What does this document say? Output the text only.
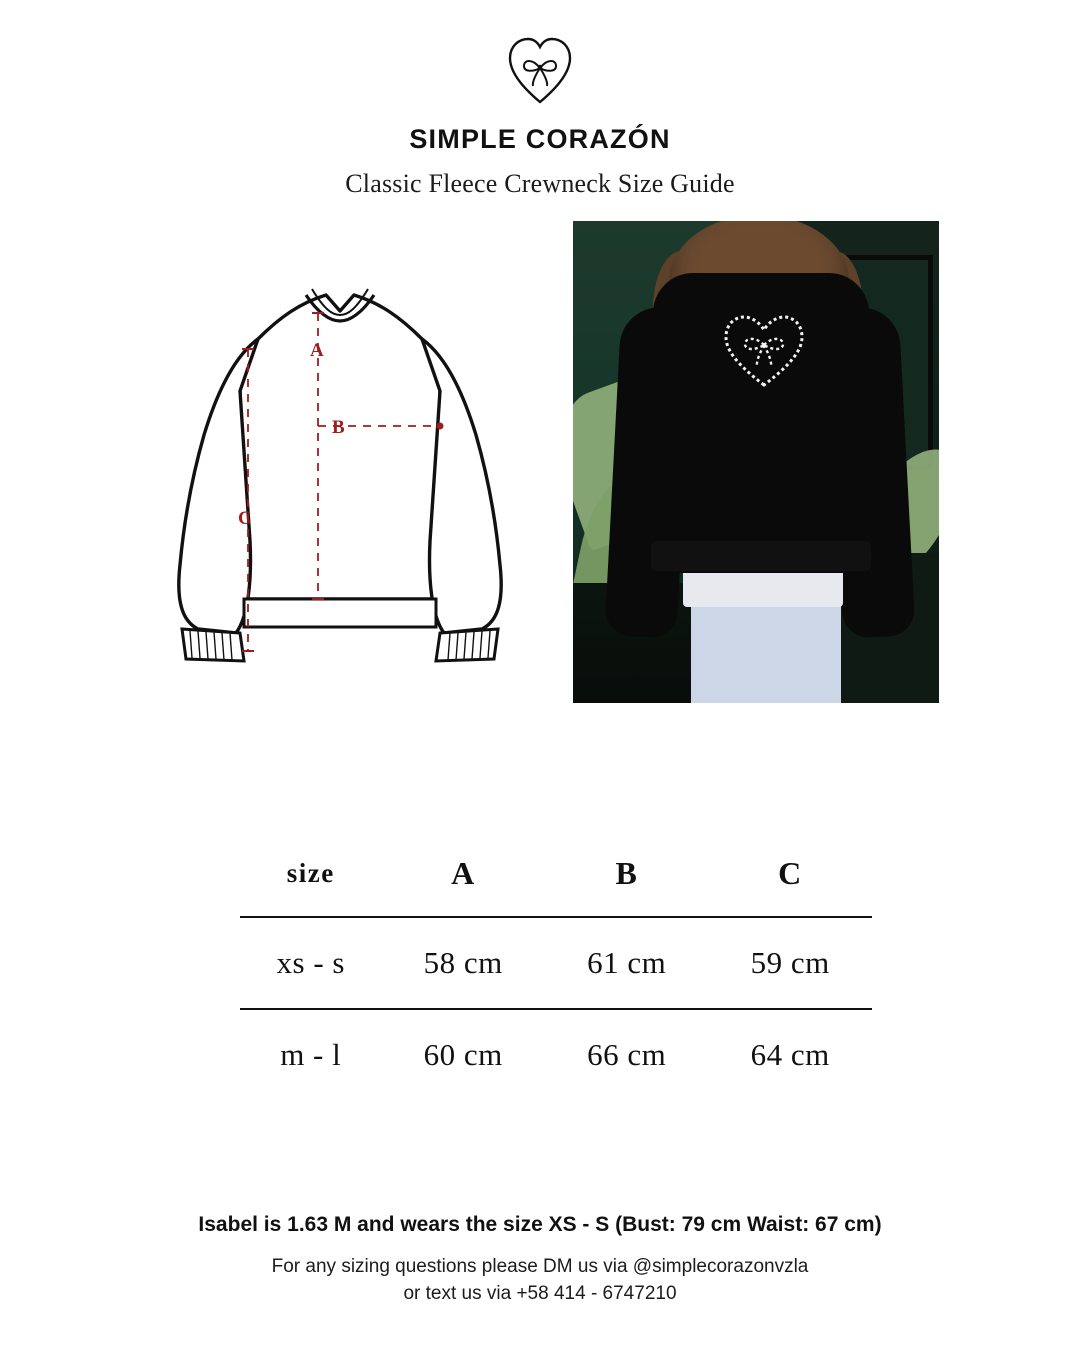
SIMPLE CORAZÓN
Classic Fleece Crewneck Size Guide
A
B
C
size	A	B	C
xs - s	58 cm	61 cm	59 cm
m - l	60 cm	66 cm	64 cm
Isabel is 1.63 M and wears the size XS - S (Bust: 79 cm Waist: 67 cm)
For any sizing questions please DM us via @simplecorazonvzla
or text us via +58 414 - 6747210
